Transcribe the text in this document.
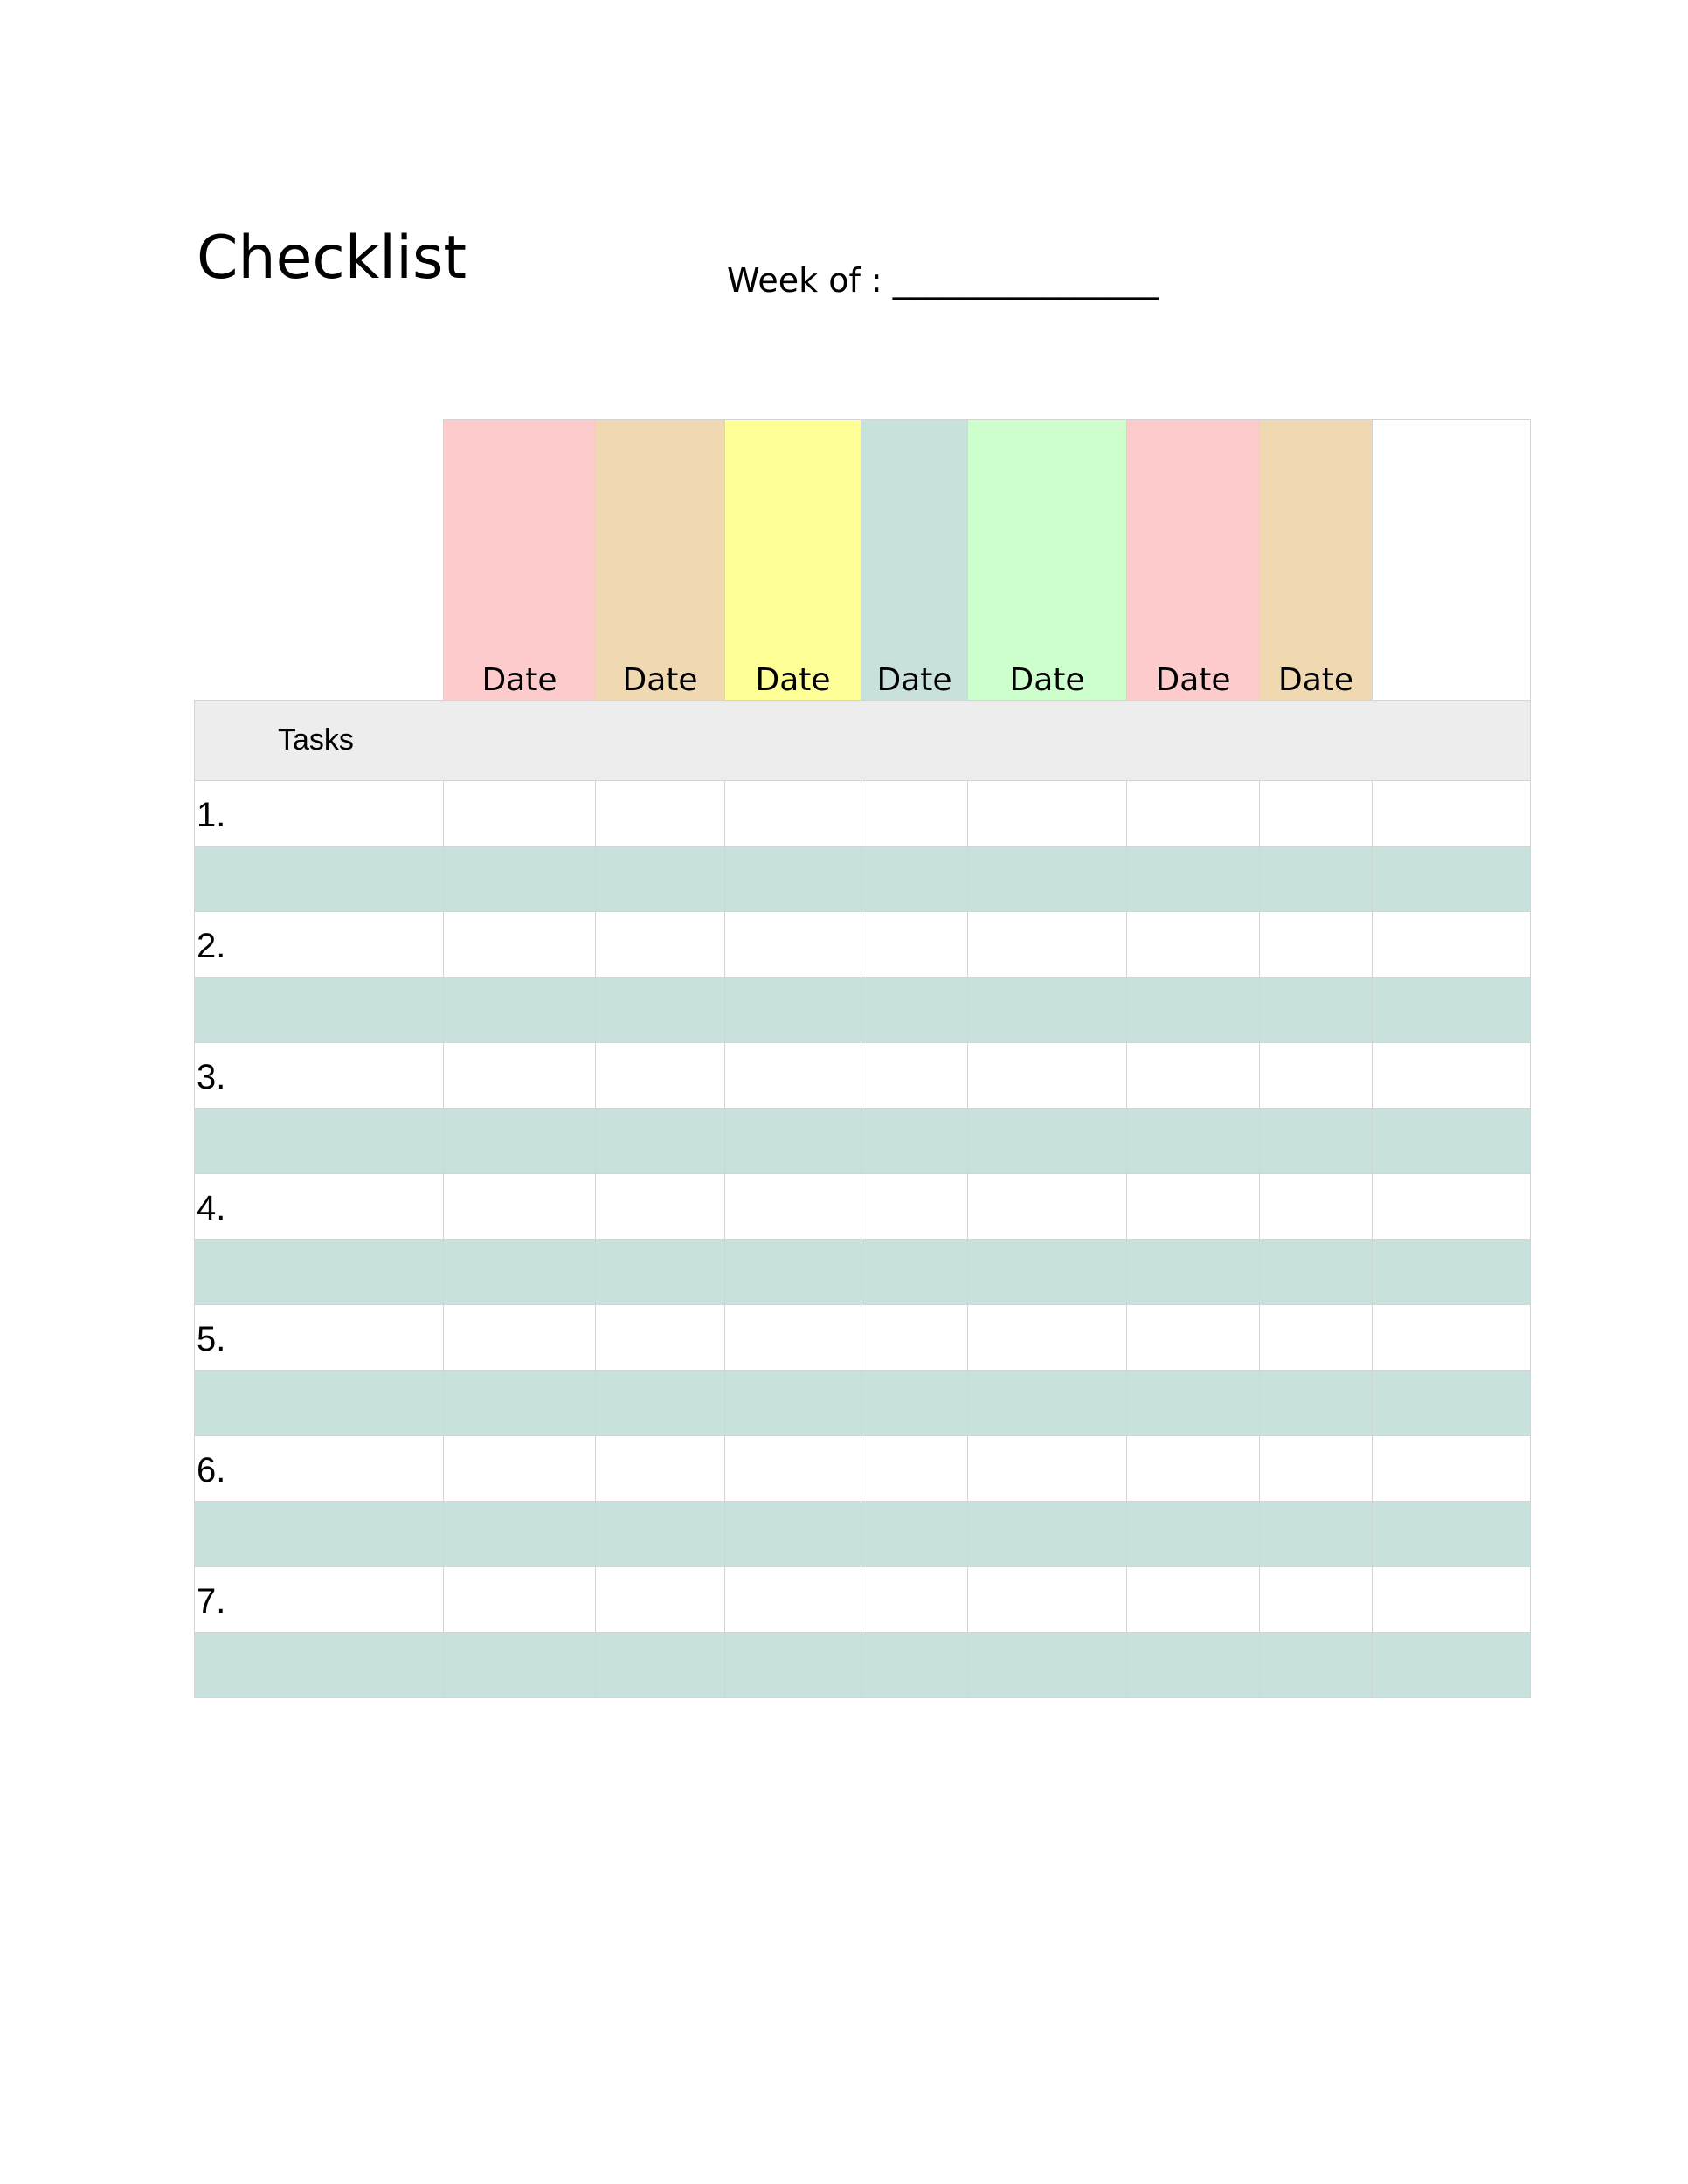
Checklist	Week of : ________________
	Date	Date	Date	Date	Date	Date	Date	
Tasks								
1.								

2.								

3.								

4.								

5.								

6.								

7.								
